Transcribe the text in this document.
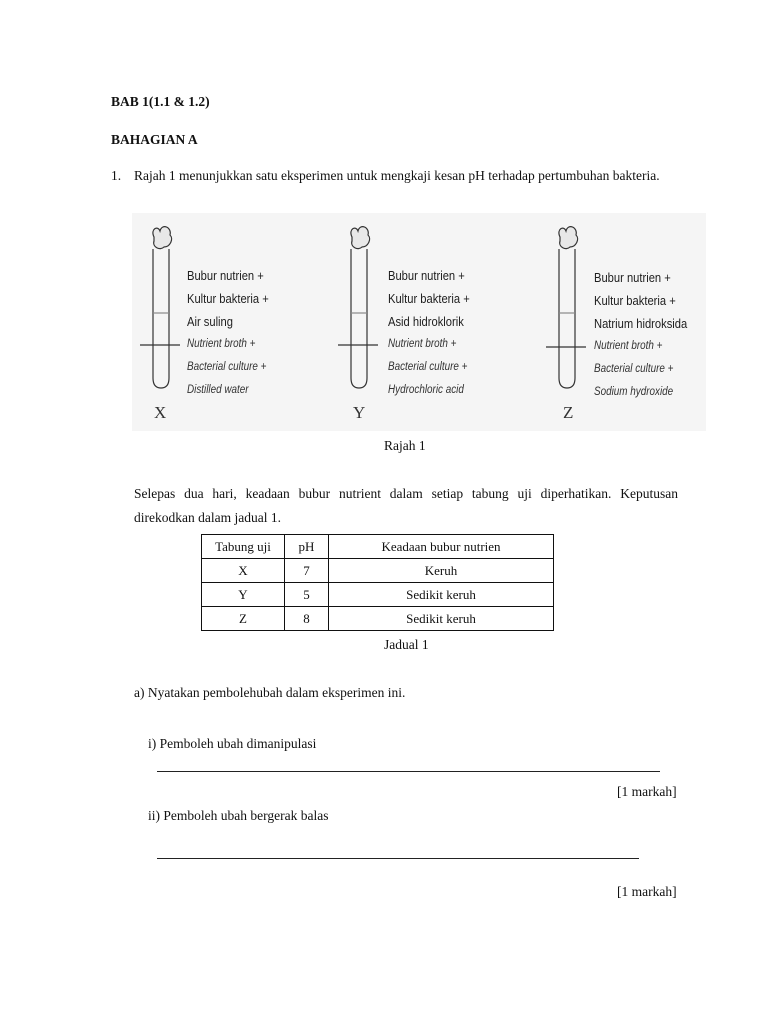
BAB 1(1.1 & 1.2)
BAHAGIAN A
1. Rajah 1 menunjukkan satu eksperimen untuk mengkaji kesan pH terhadap pertumbuhan bakteria.
Bubur nutrien +
Kultur bakteria +
Air suling
Nutrient broth +
Bacterial culture +
Distilled water
X
Bubur nutrien +
Kultur bakteria +
Asid hidroklorik
Nutrient broth +
Bacterial culture +
Hydrochloric acid
Y
Bubur nutrien +
Kultur bakteria +
Natrium hidroksida
Nutrient broth +
Bacterial culture +
Sodium hydroxide
Z
Rajah 1
Selepas dua hari, keadaan bubur nutrient dalam setiap tabung uji diperhatikan. Keputusan
direkodkan dalam jadual 1.
Tabung uji	pH	Keadaan bubur nutrien
X	7	Keruh
Y	5	Sedikit keruh
Z	8	Sedikit keruh
Jadual 1
a) Nyatakan pembolehubah dalam eksperimen ini.
i) Pemboleh ubah dimanipulasi
[1 markah]
ii) Pemboleh ubah bergerak balas
[1 markah]
